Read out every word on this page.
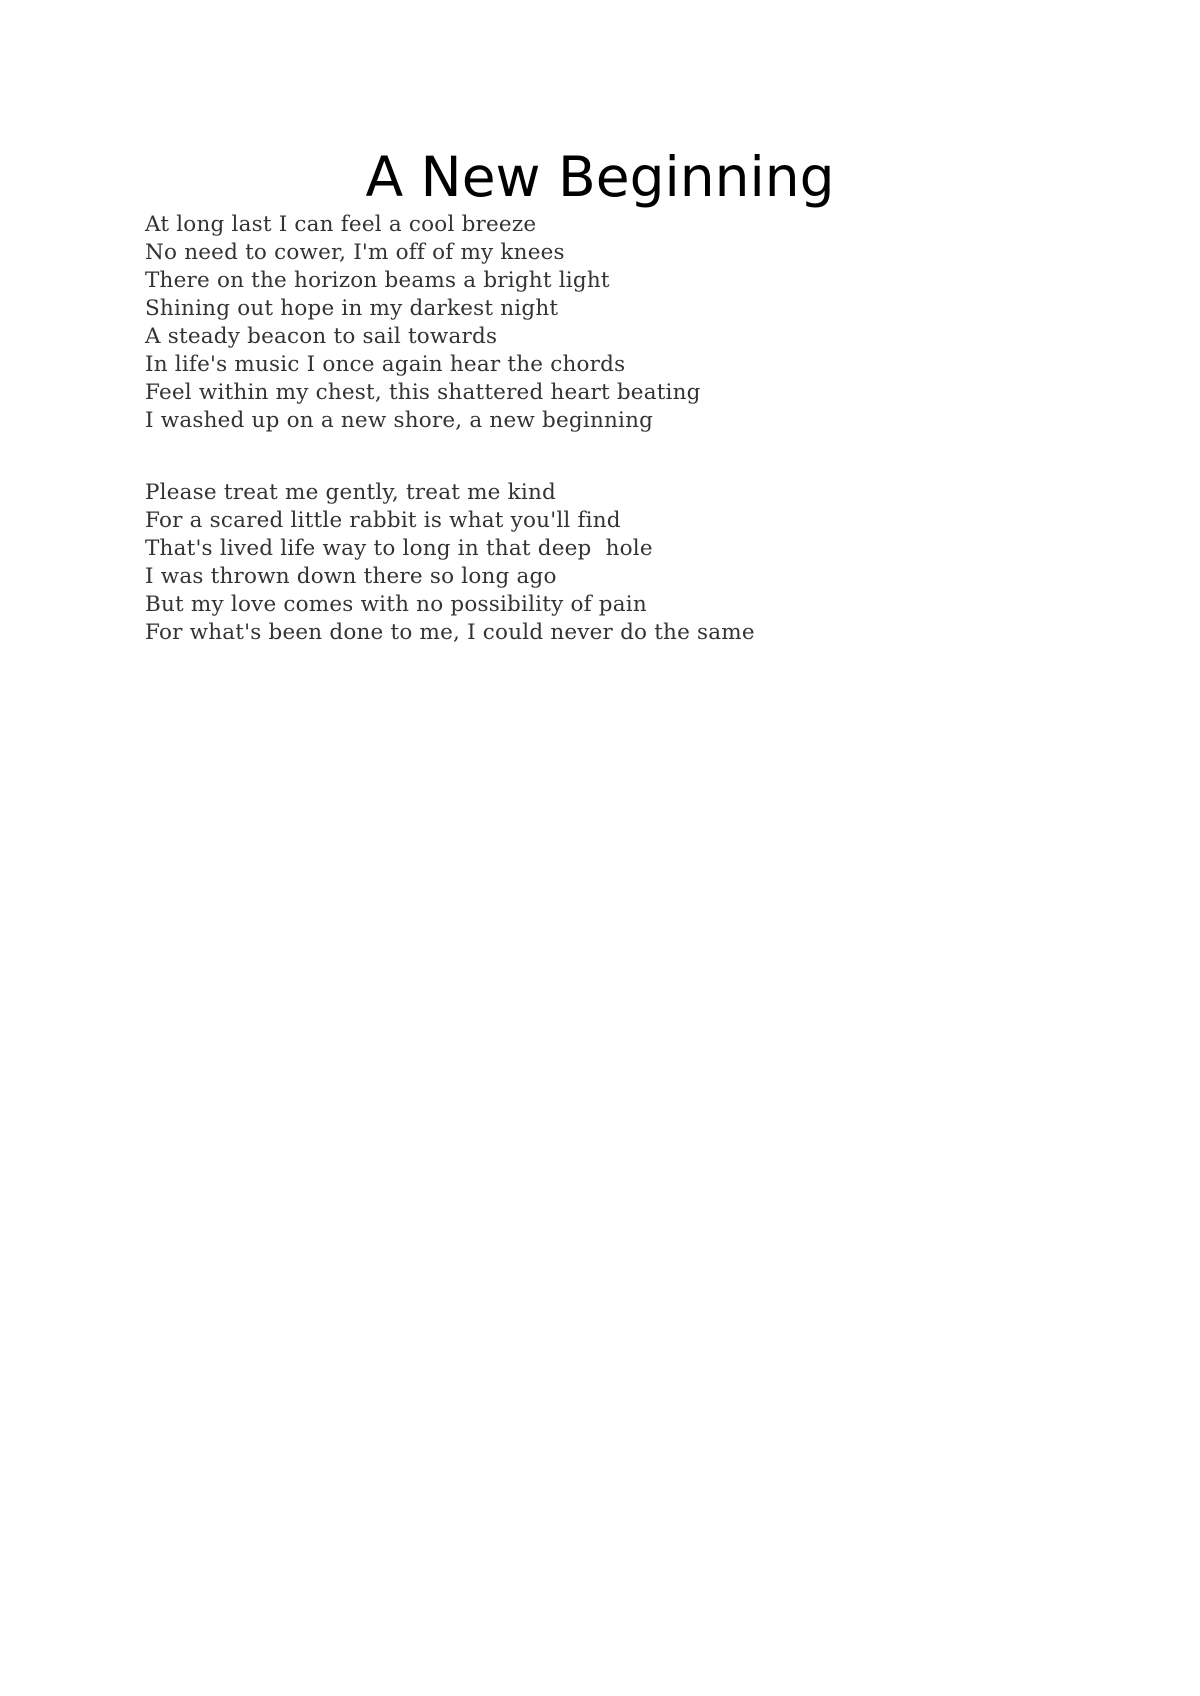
A New Beginning
At long last I can feel a cool breeze
No need to cower, I'm off of my knees
There on the horizon beams a bright light
Shining out hope in my darkest night
A steady beacon to sail towards
In life's music I once again hear the chords
Feel within my chest, this shattered heart beating
I washed up on a new shore, a new beginning
Please treat me gently, treat me kind
For a scared little rabbit is what you'll find
That's lived life way to long in that deep  hole
I was thrown down there so long ago
But my love comes with no possibility of pain
For what's been done to me, I could never do the same
